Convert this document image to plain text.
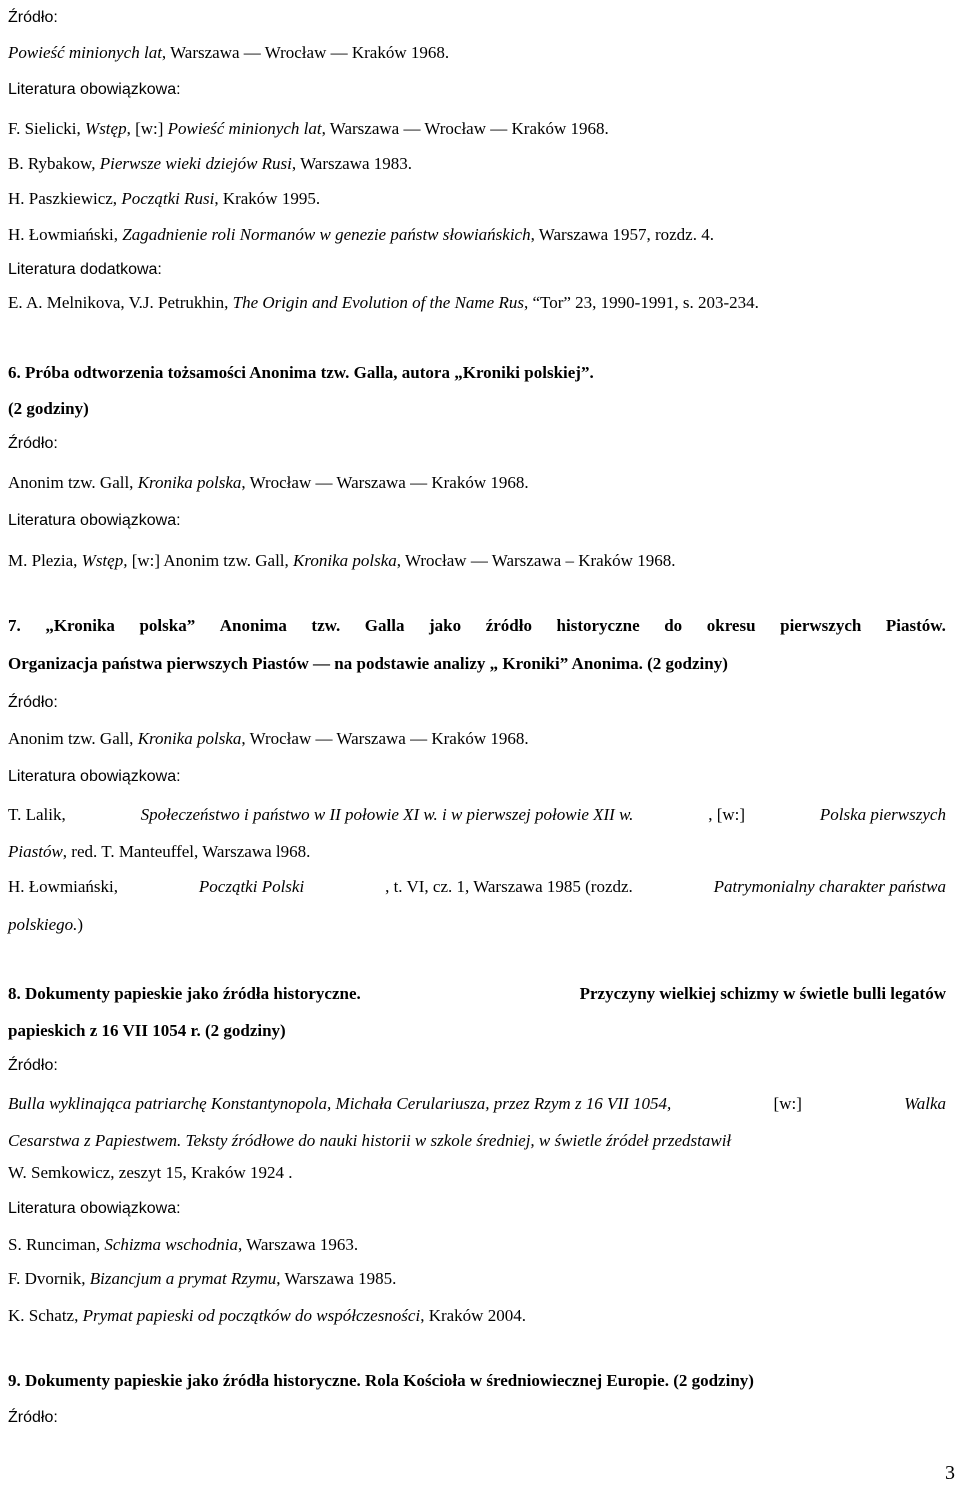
Źródło:
Powieść minionych lat, Warszawa — Wrocław — Kraków 1968.
Literatura obowiązkowa:
F. Sielicki, Wstęp, [w:] Powieść minionych lat, Warszawa — Wrocław — Kraków 1968.
B. Rybakow, Pierwsze wieki dziejów Rusi, Warszawa 1983.
H. Paszkiewicz, Początki Rusi, Kraków 1995.
H. Łowmiański, Zagadnienie roli Normanów w genezie państw słowiańskich, Warszawa 1957, rozdz. 4.
Literatura dodatkowa:
E. A. Melnikova, V.J. Petrukhin, The Origin and Evolution of the Name Rus, “Tor” 23, 1990-1991, s. 203-234.
6. Próba odtworzenia tożsamości Anonima tzw. Galla, autora „Kroniki polskiej”.
(2 godziny)
Źródło:
Anonim tzw. Gall, Kronika polska, Wrocław — Warszawa — Kraków 1968.
Literatura obowiązkowa:
M. Plezia, Wstęp, [w:] Anonim tzw. Gall, Kronika polska, Wrocław — Warszawa – Kraków 1968.
7. „Kronika polska” Anonima tzw. Galla jako źródło historyczne do okresu pierwszych Piastów.
Organizacja państwa pierwszych Piastów — na podstawie analizy „ Kroniki” Anonima. (2 godziny)
Źródło:
Anonim tzw. Gall, Kronika polska, Wrocław — Warszawa — Kraków 1968.
Literatura obowiązkowa:
T. Lalik,	Społeczeństwo i państwo w II połowie XI w. i w pierwszej połowie XII w.	, [w:]	Polska pierwszych
Piastów, red. T. Manteuffel, Warszawa l968.
H. Łowmiański,	Początki Polski	, t. VI, cz. 1, Warszawa 1985 (rozdz.	Patrymonialny charakter państwa
polskiego.)
8. Dokumenty papieskie jako źródła historyczne.	Przyczyny wielkiej schizmy w świetle bulli legatów
papieskich z 16 VII 1054 r. (2 godziny)
Źródło:
Bulla wyklinająca patriarchę Konstantynopola, Michała Cerulariusza, przez Rzym z 16 VII 1054,	[w:]	Walka
Cesarstwa z Papiestwem. Teksty źródłowe do nauki historii w szkole średniej, w świetle źródeł przedstawił
W. Semkowicz, zeszyt 15, Kraków 1924 .
Literatura obowiązkowa:
S. Runciman, Schizma wschodnia, Warszawa 1963.
F. Dvornik, Bizancjum a prymat Rzymu, Warszawa 1985.
K. Schatz, Prymat papieski od początków do współczesności, Kraków 2004.
9. Dokumenty papieskie jako źródła historyczne. Rola Kościoła w średniowiecznej Europie. (2 godziny)
Źródło:
3
